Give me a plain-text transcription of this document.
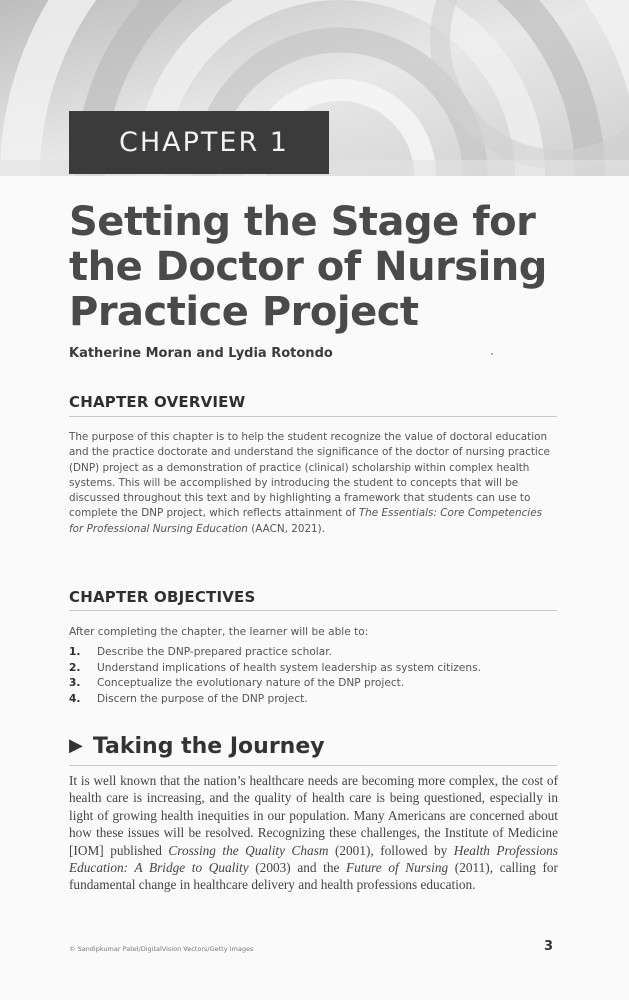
CHAPTER 1
Setting the Stage for
the Doctor of Nursing
Practice Project
Katherine Moran and Lydia Rotondo
CHAPTER OVERVIEW

The purpose of this chapter is to help the student recognize the value of doctoral education and the practice doctorate and understand the significance of the doctor of nursing practice (DNP) project as a demonstration of practice (clinical) scholarship within complex health systems. This will be accomplished by introducing the student to concepts that will be discussed throughout this text and by highlighting a framework that students can use to complete the DNP project, which reflects attainment of The Essentials: Core Competencies for Professional Nursing Education (AACN, 2021).

CHAPTER OBJECTIVES
After completing the chapter, the learner will be able to:
1.	Describe the DNP-prepared practice scholar.
2.	Understand implications of health system leadership as system citizens.
3.	Conceptualize the evolutionary nature of the DNP project.
4.	Discern the purpose of the DNP project.
▶ Taking the Journey

It is well known that the nation’s healthcare needs are becoming more complex, the cost of health care is increasing, and the quality of health care is being questioned, especially in light of growing health inequities in our population. Many Americans are concerned about how these issues will be resolved. Recognizing these challenges, the Institute of Medicine [IOM] published Crossing the Quality Chasm (2001), followed by Health Professions Education: A Bridge to Quality (2003) and the Future of Nursing (2011), calling for fundamental change in healthcare delivery and health professions education.

© Sandipkumar Patel/DigitalVision Vectors/Getty Images	3
